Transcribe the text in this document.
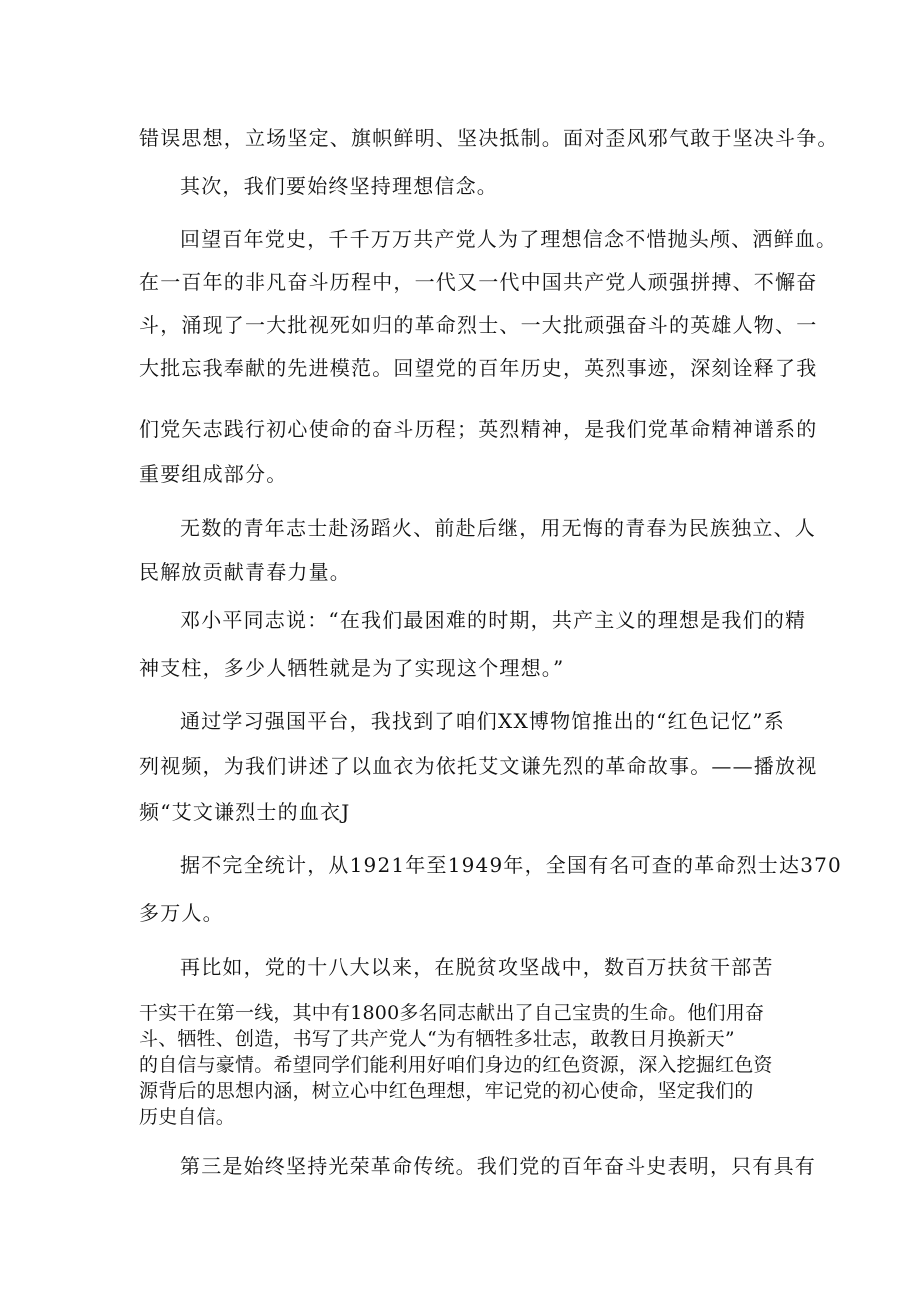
错误思想，立场坚定、旗帜鲜明、坚决抵制。面对歪风邪气敢于坚决斗争。
其次，我们要始终坚持理想信念。
回望百年党史，千千万万共产党人为了理想信念不惜抛头颅、洒鲜血。
在一百年的非凡奋斗历程中，一代又一代中国共产党人顽强拼搏、不懈奋
斗，涌现了一大批视死如归的革命烈士、一大批顽强奋斗的英雄人物、一
大批忘我奉献的先进模范。回望党的百年历史，英烈事迹，深刻诠释了我
们党矢志践行初心使命的奋斗历程；英烈精神，是我们党革命精神谱系的
重要组成部分。
无数的青年志士赴汤蹈火、前赴后继，用无悔的青春为民族独立、人
民解放贡献青春力量。
邓小平同志说：“在我们最困难的时期，共产主义的理想是我们的精
神支柱，多少人牺牲就是为了实现这个理想。”
通过学习强国平台，我找到了咱们XX博物馆推出的“红色记忆”系
列视频，为我们讲述了以血衣为依托艾文谦先烈的革命故事。——播放视
频“艾文谦烈士的血衣J
据不完全统计，从1921年至1949年，全国有名可查的革命烈士达370
多万人。
再比如，党的十八大以来，在脱贫攻坚战中，数百万扶贫干部苦
干实干在第一线，其中有1800多名同志献出了自己宝贵的生命。他们用奋
斗、牺牲、创造，书写了共产党人“为有牺牲多壮志，敢教日月换新天”
的自信与豪情。希望同学们能利用好咱们身边的红色资源，深入挖掘红色资
源背后的思想内涵，树立心中红色理想，牢记党的初心使命，坚定我们的
历史自信。
第三是始终坚持光荣革命传统。我们党的百年奋斗史表明，只有具有
